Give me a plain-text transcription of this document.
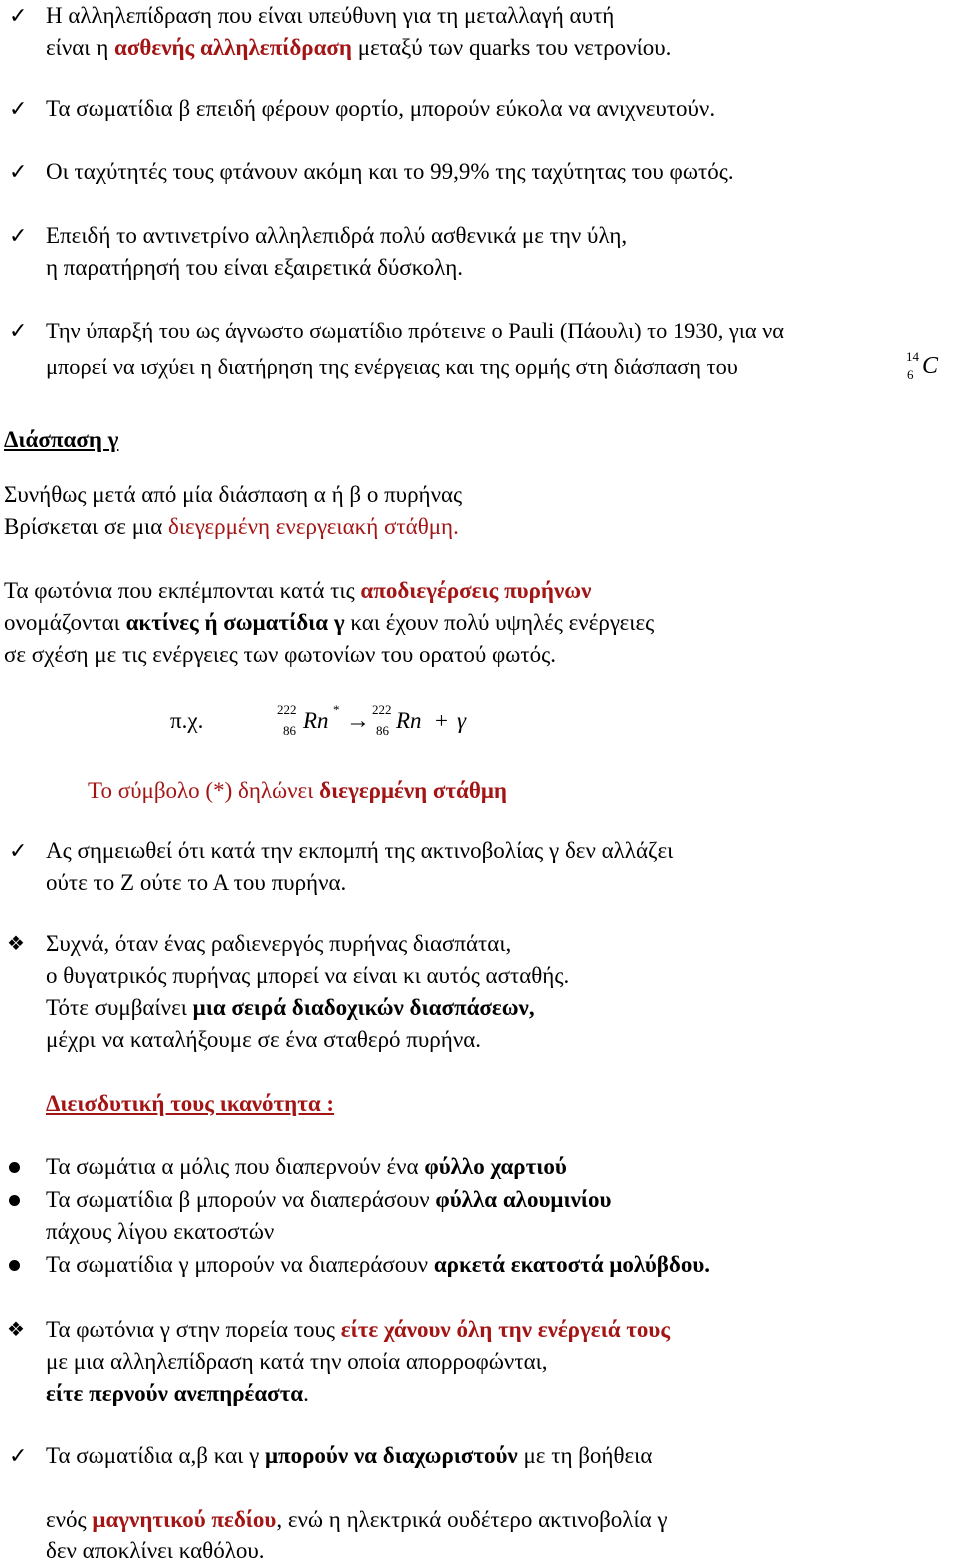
✓ Η αλληλεπίδραση που είναι υπεύθυνη για τη μεταλλαγή αυτή
είναι η ασθενής αλληλεπίδραση μεταξύ των quarks του νετρονίου.
✓ Τα σωματίδια β επειδή φέρουν φορτίο, μπορούν εύκολα να ανιχνευτούν.
✓ Οι ταχύτητές τους φτάνουν ακόμη και το 99,9% της ταχύτητας του φωτός.
✓ Επειδή το αντινετρίνο αλληλεπιδρά πολύ ασθενικά με την ύλη,
η παρατήρησή του είναι εξαιρετικά δύσκολη.
✓ Την ύπαρξή του ως άγνωστο σωματίδιο πρότεινε ο Pauli (Πάουλι) το 1930, για να
μπορεί να ισχύει η διατήρηση της ενέργειας και της ορμής στη διάσπαση του	14
6 C
Διάσπαση γ
Συνήθως μετά από μία διάσπαση α ή β ο πυρήνας
Βρίσκεται σε μια διεγερμένη ενεργειακή στάθμη.
Τα φωτόνια που εκπέμπονται κατά τις αποδιεγέρσεις πυρήνων
ονομάζονται ακτίνες ή σωματίδια γ και έχουν πολύ υψηλές ενέργειες
σε σχέση με τις ενέργειες των φωτονίων του ορατού φωτός.
π.χ.	222
86 Rn * → 222
86 Rn + γ
Το σύμβολο (*) δηλώνει διεγερμένη στάθμη
✓ Ας σημειωθεί ότι κατά την εκπομπή της ακτινοβολίας γ δεν αλλάζει
ούτε το Ζ ούτε το Α του πυρήνα.
❖ Συχνά, όταν ένας ραδιενεργός πυρήνας διασπάται,
ο θυγατρικός πυρήνας μπορεί να είναι κι αυτός ασταθής.
Τότε συμβαίνει μια σειρά διαδοχικών διασπάσεων,
μέχρι να καταλήξουμε σε ένα σταθερό πυρήνα.
Διεισδυτική τους ικανότητα :
Τα σωμάτια α μόλις που διαπερνούν ένα φύλλο χαρτιού
Τα σωματίδια β μπορούν να διαπεράσουν φύλλα αλουμινίου
πάχους λίγου εκατοστών
Τα σωματίδια γ μπορούν να διαπεράσουν αρκετά εκατοστά μολύβδου.
❖ Τα φωτόνια γ στην πορεία τους είτε χάνουν όλη την ενέργειά τους
με μια αλληλεπίδραση κατά την οποία απορροφώνται,
είτε περνούν ανεπηρέαστα.
✓ Τα σωματίδια α,β και γ μπορούν να διαχωριστούν με τη βοήθεια
ενός μαγνητικού πεδίου, ενώ η ηλεκτρικά ουδέτερο ακτινοβολία γ
δεν αποκλίνει καθόλου.
